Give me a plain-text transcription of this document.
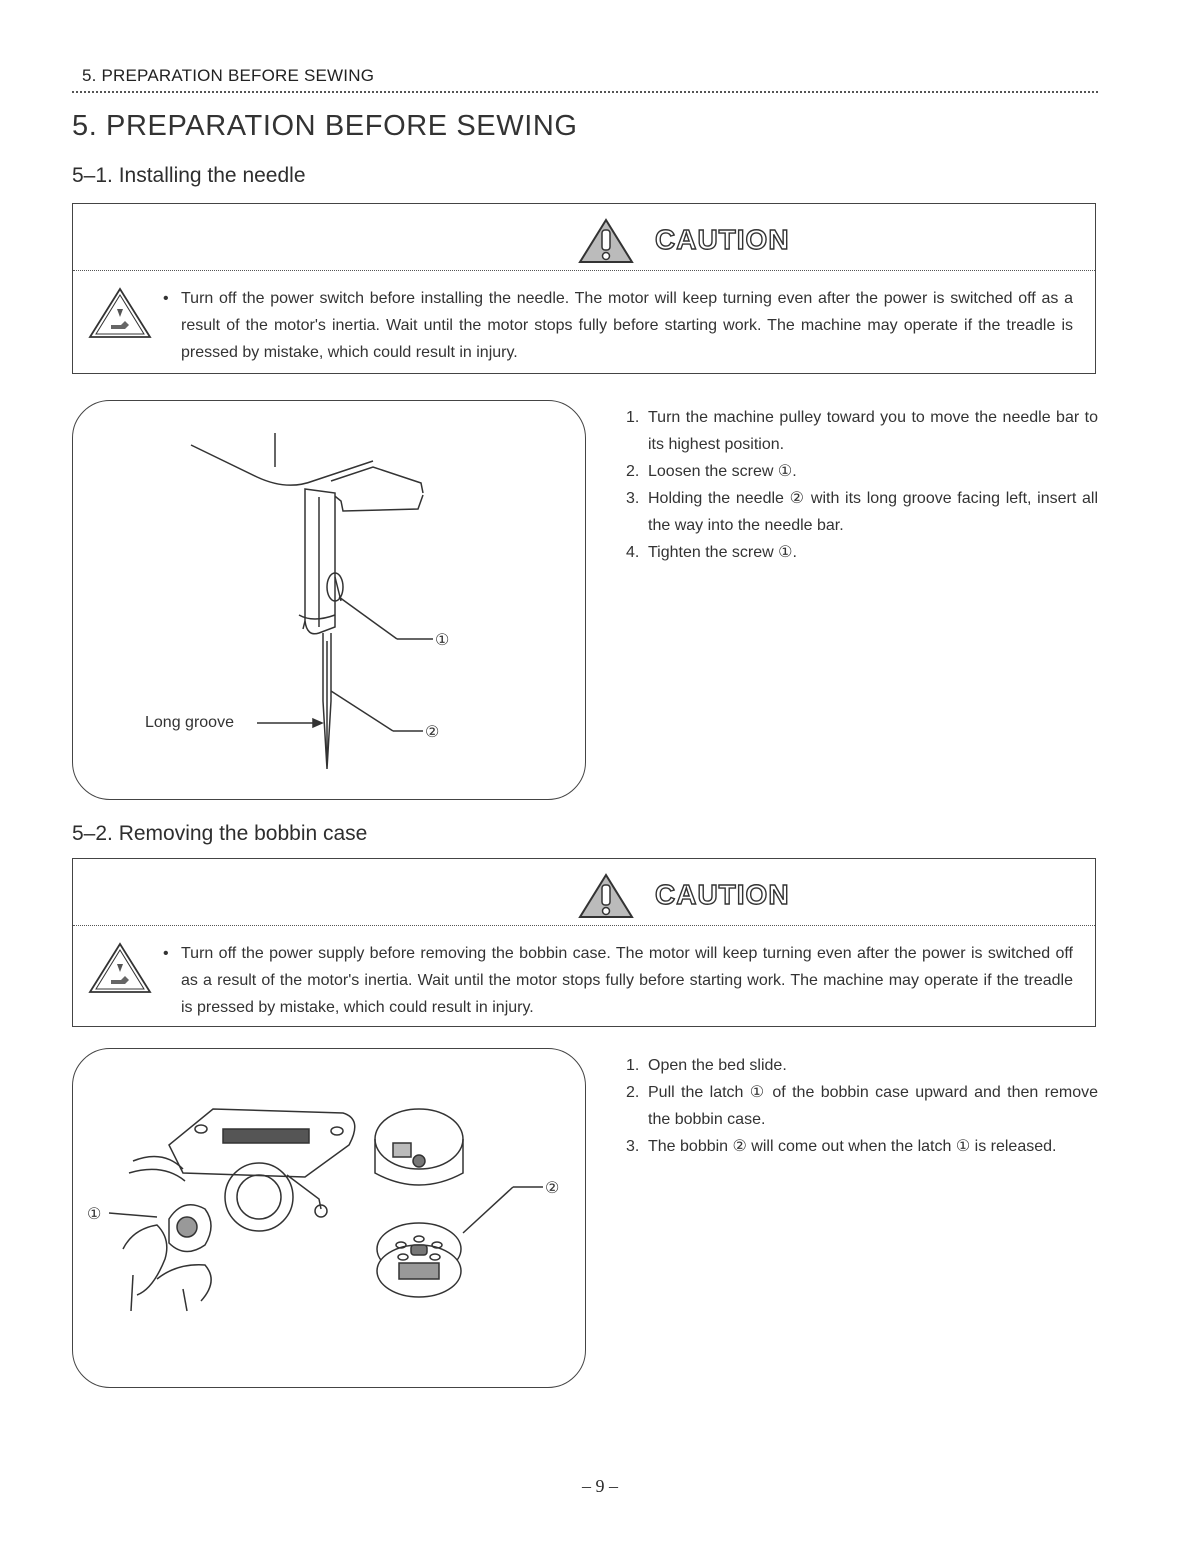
5. PREPARATION BEFORE SEWING
5. PREPARATION BEFORE SEWING
5–1. Installing the needle
CAUTION
• Turn off the power switch before installing the needle. The motor will keep turning even after the power is switched off as a result of the motor's inertia. Wait until the motor stops fully before starting work. The machine may operate if the treadle is pressed by mistake, which could result in injury.

①
②
Long groove
1. Turn the machine pulley toward you to move the needle bar to its highest position.
2. Loosen the screw ①.
3. Holding the needle ② with its long groove facing left, insert all the way into the needle bar.
4. Tighten the screw ①.
5–2. Removing the bobbin case
CAUTION
• Turn off the power supply before removing the bobbin case. The motor will keep turning even after the power is switched off as a result of the motor's inertia. Wait until the motor stops fully before starting work. The machine may operate if the treadle is pressed by mistake, which could result in injury.

①
②
1. Open the bed slide.
2. Pull the latch ① of the bobbin case upward and then remove the bobbin case.
3. The bobbin ② will come out when the latch ① is released.
– 9 –
